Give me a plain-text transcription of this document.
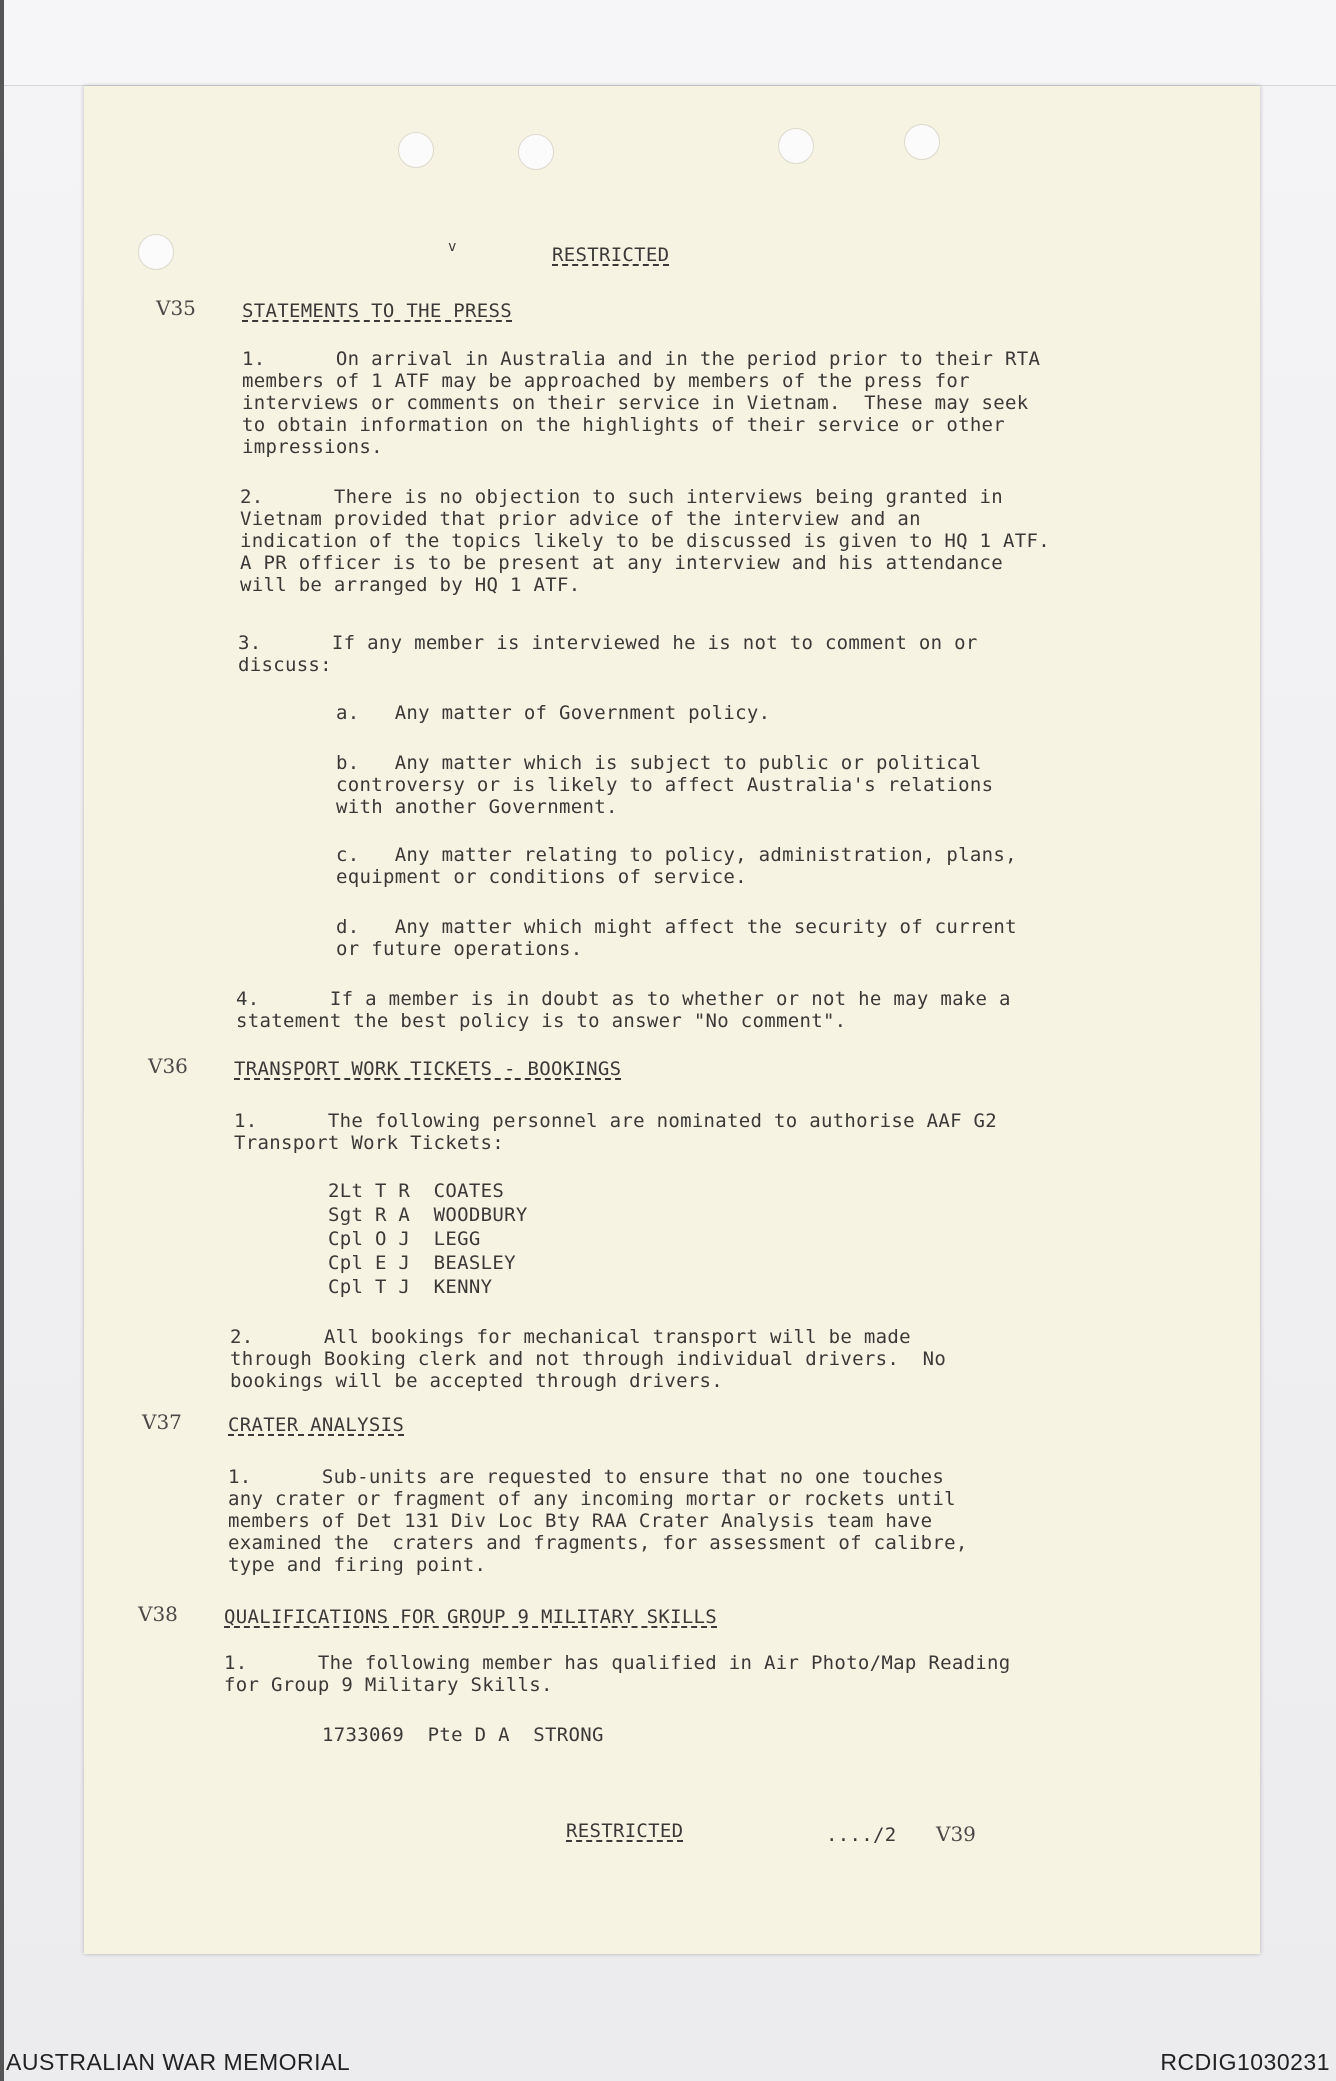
v	RESTRICTED
V35 STATEMENTS TO THE PRESS
1.      On arrival in Australia and in the period prior to their RTA
members of 1 ATF may be approached by members of the press for
interviews or comments on their service in Vietnam.  These may seek
to obtain information on the highlights of their service or other
impressions.
2.      There is no objection to such interviews being granted in
Vietnam provided that prior advice of the interview and an
indication of the topics likely to be discussed is given to HQ 1 ATF.
A PR officer is to be present at any interview and his attendance
will be arranged by HQ 1 ATF.
3.      If any member is interviewed he is not to comment on or
discuss:
a.   Any matter of Government policy.
b.   Any matter which is subject to public or political
controversy or is likely to affect Australia's relations
with another Government.
c.   Any matter relating to policy, administration, plans,
equipment or conditions of service.
d.   Any matter which might affect the security of current
or future operations.
4.      If a member is in doubt as to whether or not he may make a
statement the best policy is to answer "No comment".
V36 TRANSPORT WORK TICKETS - BOOKINGS
1.      The following personnel are nominated to authorise AAF G2
Transport Work Tickets:
2Lt T R  COATES
Sgt R A  WOODBURY
Cpl O J  LEGG
Cpl E J  BEASLEY
Cpl T J  KENNY
2.      All bookings for mechanical transport will be made
through Booking clerk and not through individual drivers.  No
bookings will be accepted through drivers.
V37 CRATER ANALYSIS
1.      Sub-units are requested to ensure that no one touches
any crater or fragment of any incoming mortar or rockets until
members of Det 131 Div Loc Bty RAA Crater Analysis team have
examined the  craters and fragments, for assessment of calibre,
type and firing point.
V38 QUALIFICATIONS FOR GROUP 9 MILITARY SKILLS
1.      The following member has qualified in Air Photo/Map Reading
for Group 9 Military Skills.
1733069  Pte D A  STRONG
RESTRICTED	..../2 V39
AUSTRALIAN WAR MEMORIAL	RCDIG1030231
